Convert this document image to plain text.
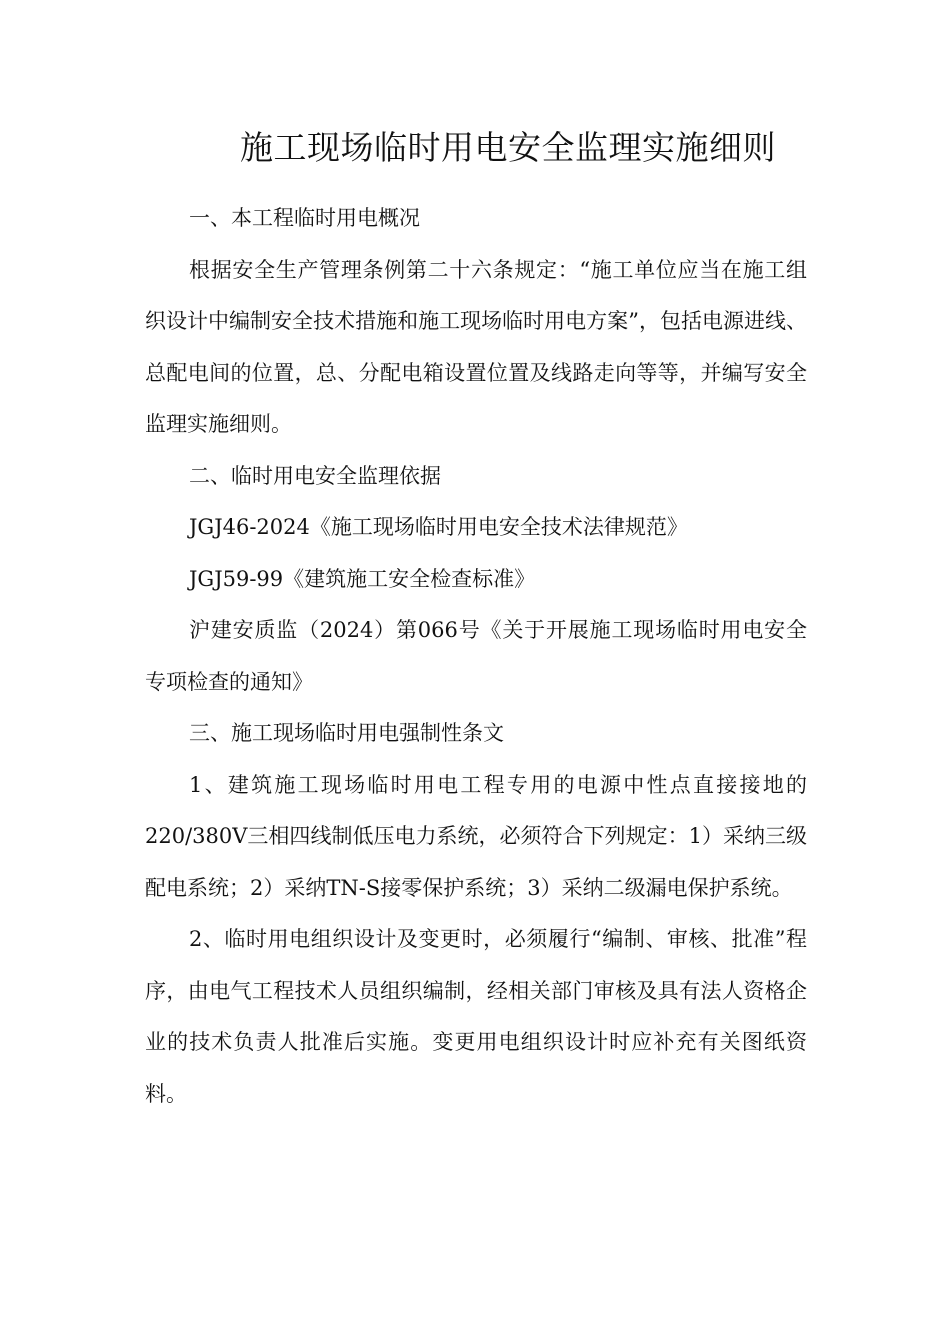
施工现场临时用电安全监理实施细则

一、本工程临时用电概况

根据安全生产管理条例第二十六条规定：“施工单位应当在施工组织设计中编制安全技术措施和施工现场临时用电方案”，包括电源进线、总配电间的位置，总、分配电箱设置位置及线路走向等等，并编写安全监理实施细则。

二、临时用电安全监理依据

JGJ46-2024《施工现场临时用电安全技术法律规范》

JGJ59-99《建筑施工安全检查标准》

沪建安质监（2024）第066号《关于开展施工现场临时用电安全专项检查的通知》

三、施工现场临时用电强制性条文

1、建筑施工现场临时用电工程专用的电源中性点直接接地的220/380V三相四线制低压电力系统，必须符合下列规定：1）采纳三级配电系统；2）采纳TN-S接零保护系统；3）采纳二级漏电保护系统。

2、临时用电组织设计及变更时，必须履行“编制、审核、批准”程序，由电气工程技术人员组织编制，经相关部门审核及具有法人资格企业的技术负责人批准后实施。变更用电组织设计时应补充有关图纸资料。
